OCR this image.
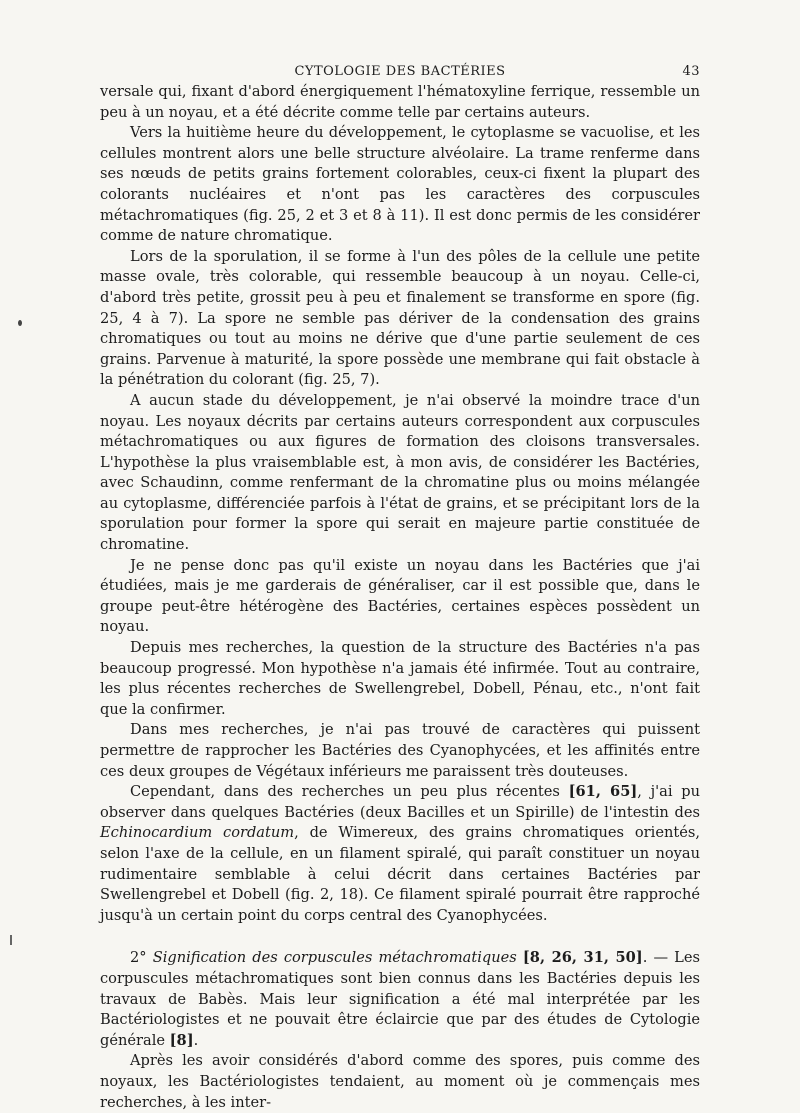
CYTOLOGIE DES BACTÉRIES	43

versale qui, fixant d'abord énergiquement l'hématoxyline ferrique, ressemble un peu à un noyau, et a été décrite comme telle par certains auteurs.

Vers la huitième heure du développement, le cytoplasme se vacuolise, et les cellules montrent alors une belle structure alvéolaire. La trame renferme dans ses nœuds de petits grains fortement colorables, ceux-ci fixent la plupart des colorants nucléaires et n'ont pas les caractères des corpuscules métachromatiques (fig. 25, 2 et 3 et 8 à 11). Il est donc permis de les considérer comme de nature chromatique.

Lors de la sporulation, il se forme à l'un des pôles de la cellule une petite masse ovale, très colorable, qui ressemble beaucoup à un noyau. Celle-ci, d'abord très petite, grossit peu à peu et finalement se transforme en spore (fig. 25, 4 à 7). La spore ne semble pas dériver de la condensation des grains chromatiques ou tout au moins ne dérive que d'une partie seulement de ces grains. Parvenue à maturité, la spore possède une membrane qui fait obstacle à la pénétration du colorant (fig. 25, 7).

A aucun stade du développement, je n'ai observé la moindre trace d'un noyau. Les noyaux décrits par certains auteurs correspondent aux corpuscules métachromatiques ou aux figures de formation des cloisons transversales. L'hypothèse la plus vraisemblable est, à mon avis, de considérer les Bactéries, avec Schaudinn, comme renfermant de la chromatine plus ou moins mélangée au cytoplasme, différenciée parfois à l'état de grains, et se précipitant lors de la sporulation pour former la spore qui serait en majeure partie constituée de chromatine.

Je ne pense donc pas qu'il existe un noyau dans les Bactéries que j'ai étudiées, mais je me garderais de généraliser, car il est possible que, dans le groupe peut-être hétérogène des Bactéries, certaines espèces possèdent un noyau.

Depuis mes recherches, la question de la structure des Bactéries n'a pas beaucoup progressé. Mon hypothèse n'a jamais été infirmée. Tout au contraire, les plus récentes recherches de Swellengrebel, Dobell, Pénau, etc., n'ont fait que la confirmer.

Dans mes recherches, je n'ai pas trouvé de caractères qui puissent permettre de rapprocher les Bactéries des Cyanophycées, et les affinités entre ces deux groupes de Végétaux inférieurs me paraissent très douteuses.

Cependant, dans des recherches un peu plus récentes [61, 65], j'ai pu observer dans quelques Bactéries (deux Bacilles et un Spirille) de l'intestin des Echinocardium cordatum, de Wimereux, des grains chromatiques orientés, selon l'axe de la cellule, en un filament spiralé, qui paraît constituer un noyau rudimentaire semblable à celui décrit dans certaines Bactéries par Swellengrebel et Dobell (fig. 2, 18). Ce filament spiralé pourrait être rapproché jusqu'à un certain point du corps central des Cyanophycées.

2° Signification des corpuscules métachromatiques [8, 26, 31, 50]. — Les corpuscules métachromatiques sont bien connus dans les Bactéries depuis les travaux de Babès. Mais leur signification a été mal interprétée par les Bactériologistes et ne pouvait être éclaircie que par des études de Cytologie générale [8].

Après les avoir considérés d'abord comme des spores, puis comme des noyaux, les Bactériologistes tendaient, au moment où je commençais mes recherches, à les inter-
